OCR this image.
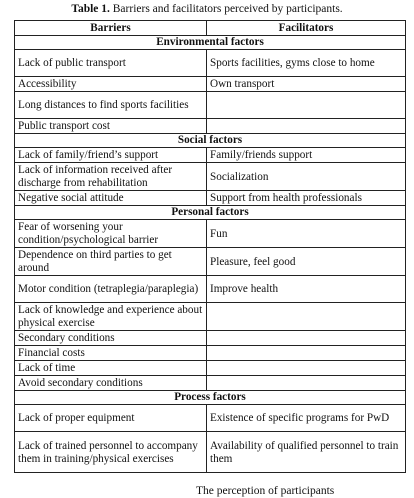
Table 1. Barriers and facilitators perceived by participants.
Barriers	Facilitators
Environmental factors	
Lack of public transport	Sports facilities, gyms close to home
Accessibility	Own transport
Long distances to find sports facilities	
Public transport cost	
Social factors	
Lack of family/friend’s support	Family/friends support
Lack of information received after discharge from rehabilitation	Socialization
Negative social attitude	Support from health professionals
Personal factors	
Fear of worsening your condition/psychological barrier	Fun
Dependence on third parties to get around	Pleasure, feel good
Motor condition (tetraplegia/paraplegia)	Improve health
Lack of knowledge and experience about physical exercise	
Secondary conditions	
Financial costs	
Lack of time	
Avoid secondary conditions	
Process factors	
Lack of proper equipment	Existence of specific programs for PwD
Lack of trained personnel to accompany them in training/physical exercises	Availability of qualified personnel to train them
The perception of participants
